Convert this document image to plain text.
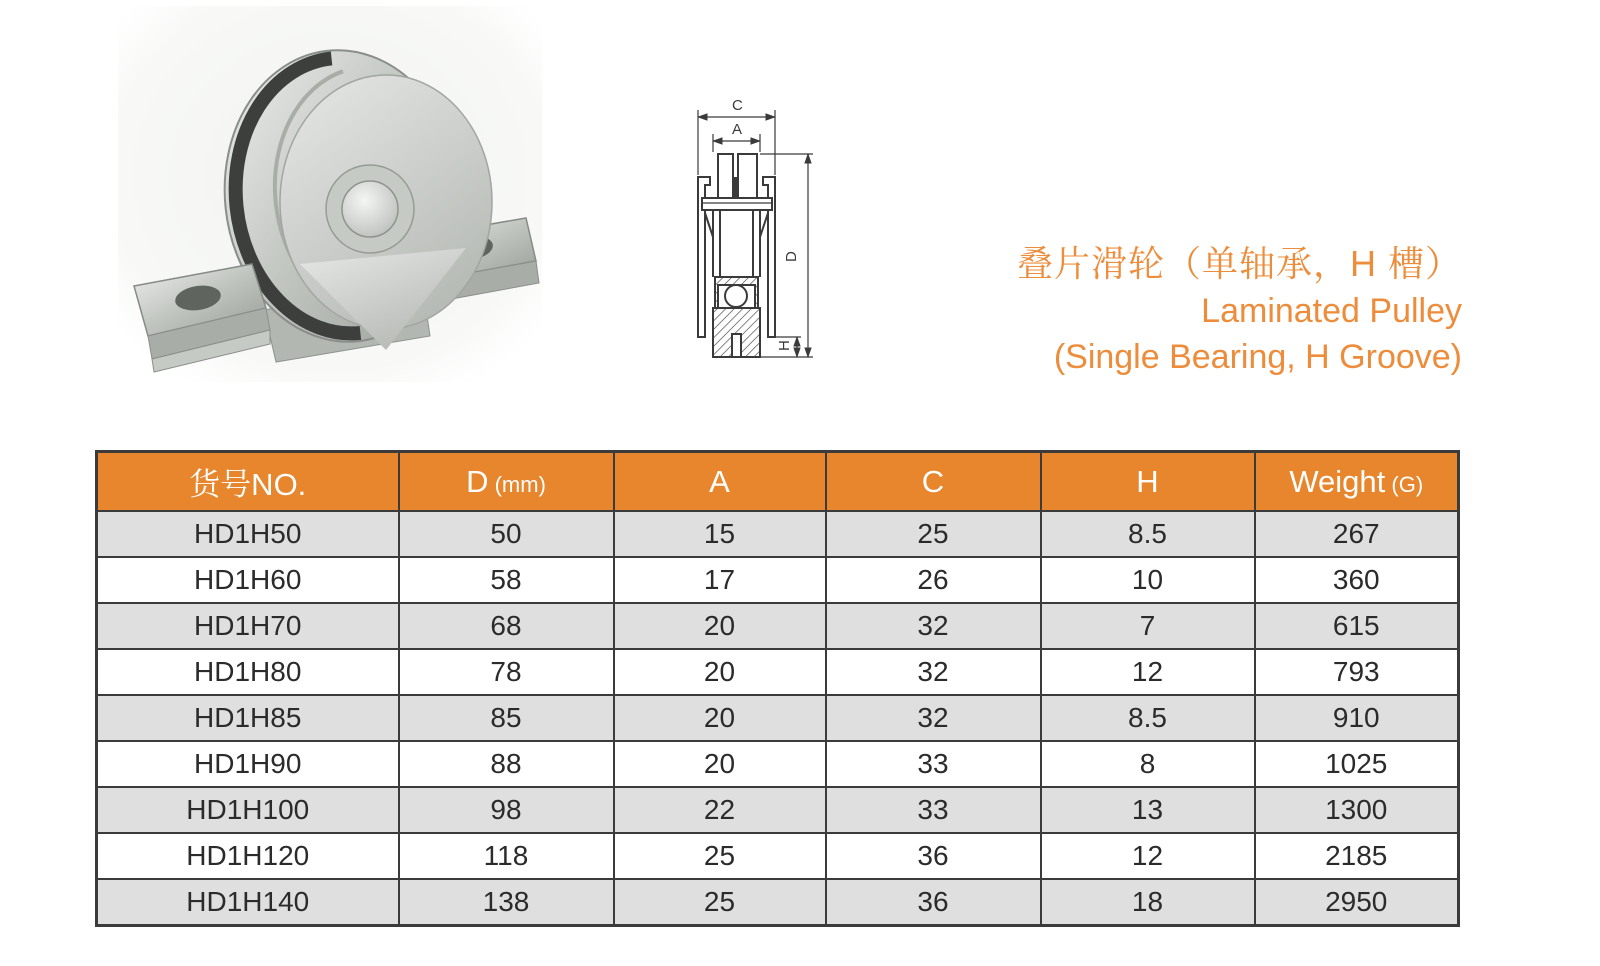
C
A
D
H
叠片滑轮（单轴承，H 槽）
Laminated Pulley
(Single Bearing, H Groove)
货号NO.	D (mm)	A	C	H	Weight (G)
HD1H50	50	15	25	8.5	267
HD1H60	58	17	26	10	360
HD1H70	68	20	32	7	615
HD1H80	78	20	32	12	793
HD1H85	85	20	32	8.5	910
HD1H90	88	20	33	8	1025
HD1H100	98	22	33	13	1300
HD1H120	118	25	36	12	2185
HD1H140	138	25	36	18	2950
